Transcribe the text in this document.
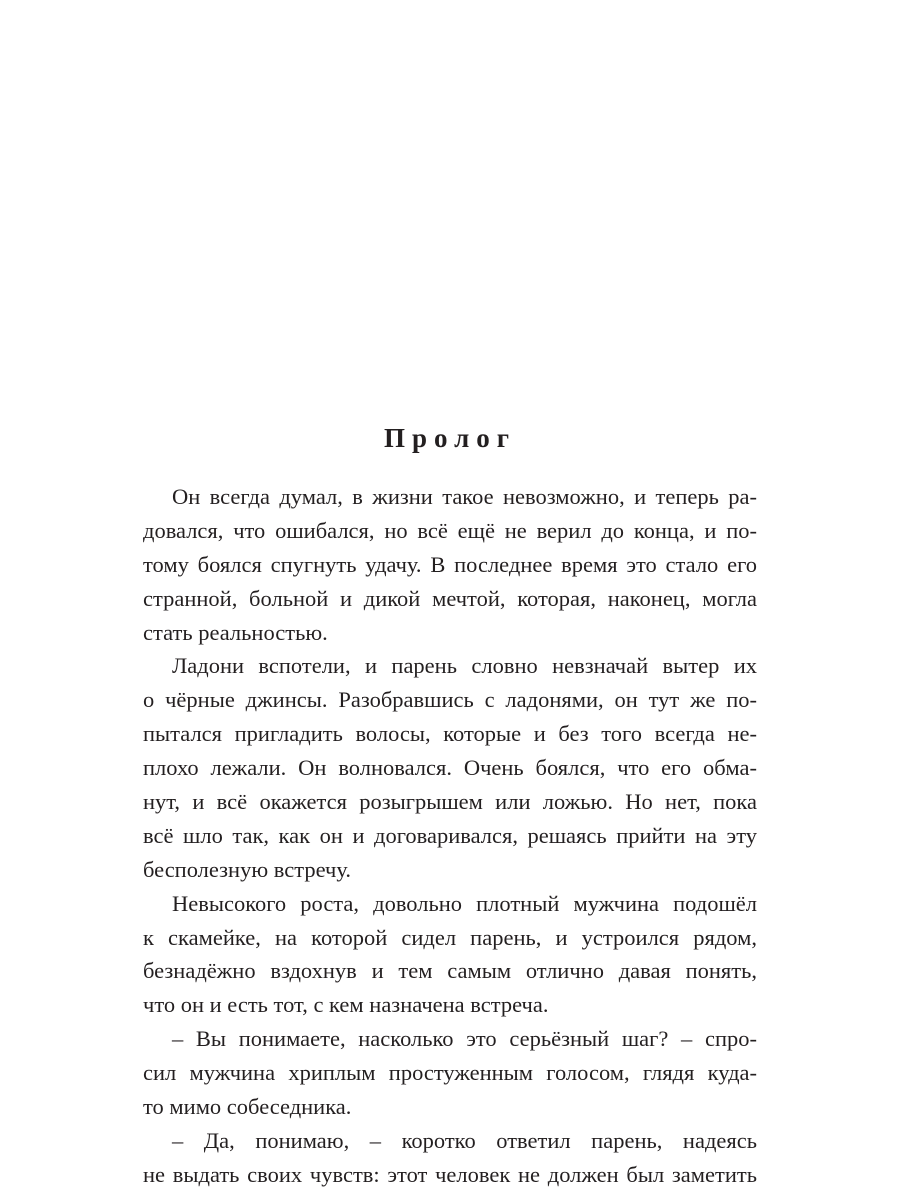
Пролог
Он всегда думал, в жизни такое невозможно, и теперь ра-
довался, что ошибался, но всё ещё не верил до конца, и по-
тому боялся спугнуть удачу. В последнее время это стало его
странной, больной и дикой мечтой, которая, наконец, могла
стать реальностью.
Ладони вспотели, и парень словно невзначай вытер их
о чёрные джинсы. Разобравшись с ладонями, он тут же по-
пытался пригладить волосы, которые и без того всегда не-
плохо лежали. Он волновался. Очень боялся, что его обма-
нут, и всё окажется розыгрышем или ложью. Но нет, пока
всё шло так, как он и договаривался, решаясь прийти на эту
бесполезную встречу.
Невысокого роста, довольно плотный мужчина подошёл
к скамейке, на которой сидел парень, и устроился рядом,
безнадёжно вздохнув и тем самым отлично давая понять,
что он и есть тот, с кем назначена встреча.
– Вы понимаете, насколько это серьёзный шаг? – спро-
сил мужчина хриплым простуженным голосом, глядя куда-
то мимо собеседника.
– Да, понимаю, – коротко ответил парень, надеясь
не выдать своих чувств: этот человек не должен был заметить
